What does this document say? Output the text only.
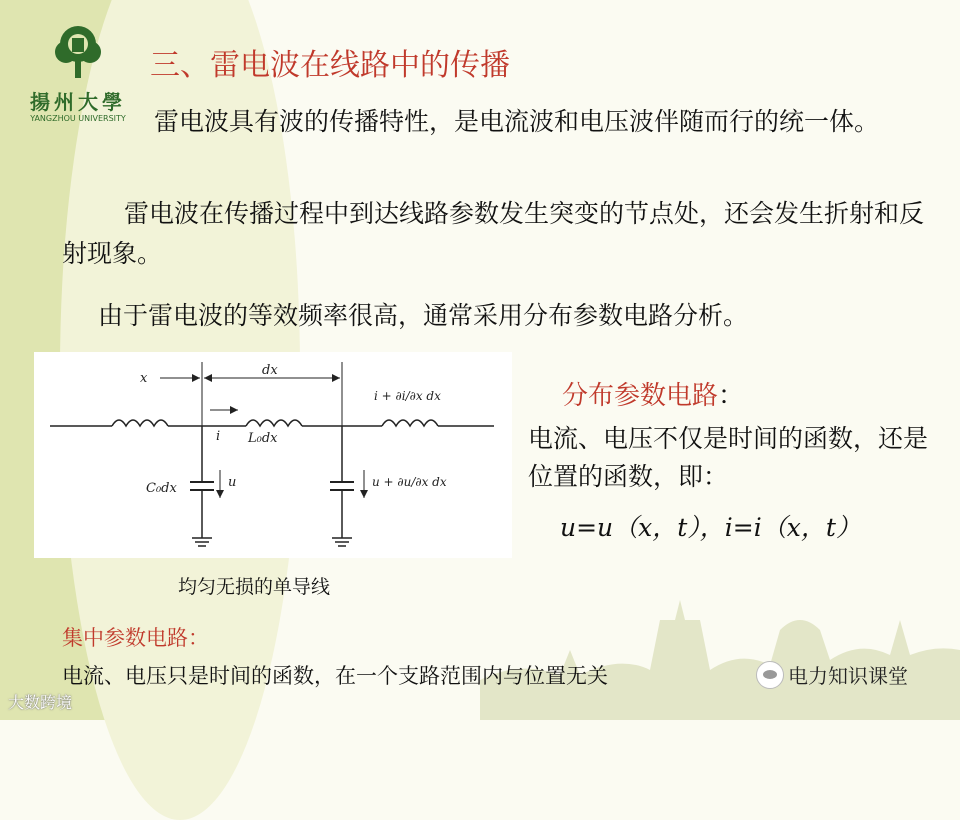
揚州大學
YANGZHOU UNIVERSITY
三、雷电波在线路中的传播
雷电波具有波的传播特性，是电流波和电压波伴随而行的统一体。
雷电波在传播过程中到达线路参数发生突变的节点处，还会发生折射和反射现象。
由于雷电波的等效频率很高，通常采用分布参数电路分析。
x
dx
i L₀dx
i + ∂i/∂x dx
C₀dx	u	u + ∂u/∂x dx
均匀无损的单导线
分布参数电路：
电流、电压不仅是时间的函数，还是位置的函数，即：
u=u（x，t），i=i（x，t）
集中参数电路：
电流、电压只是时间的函数，在一个支路范围内与位置无关
大数跨境
电力知识课堂
